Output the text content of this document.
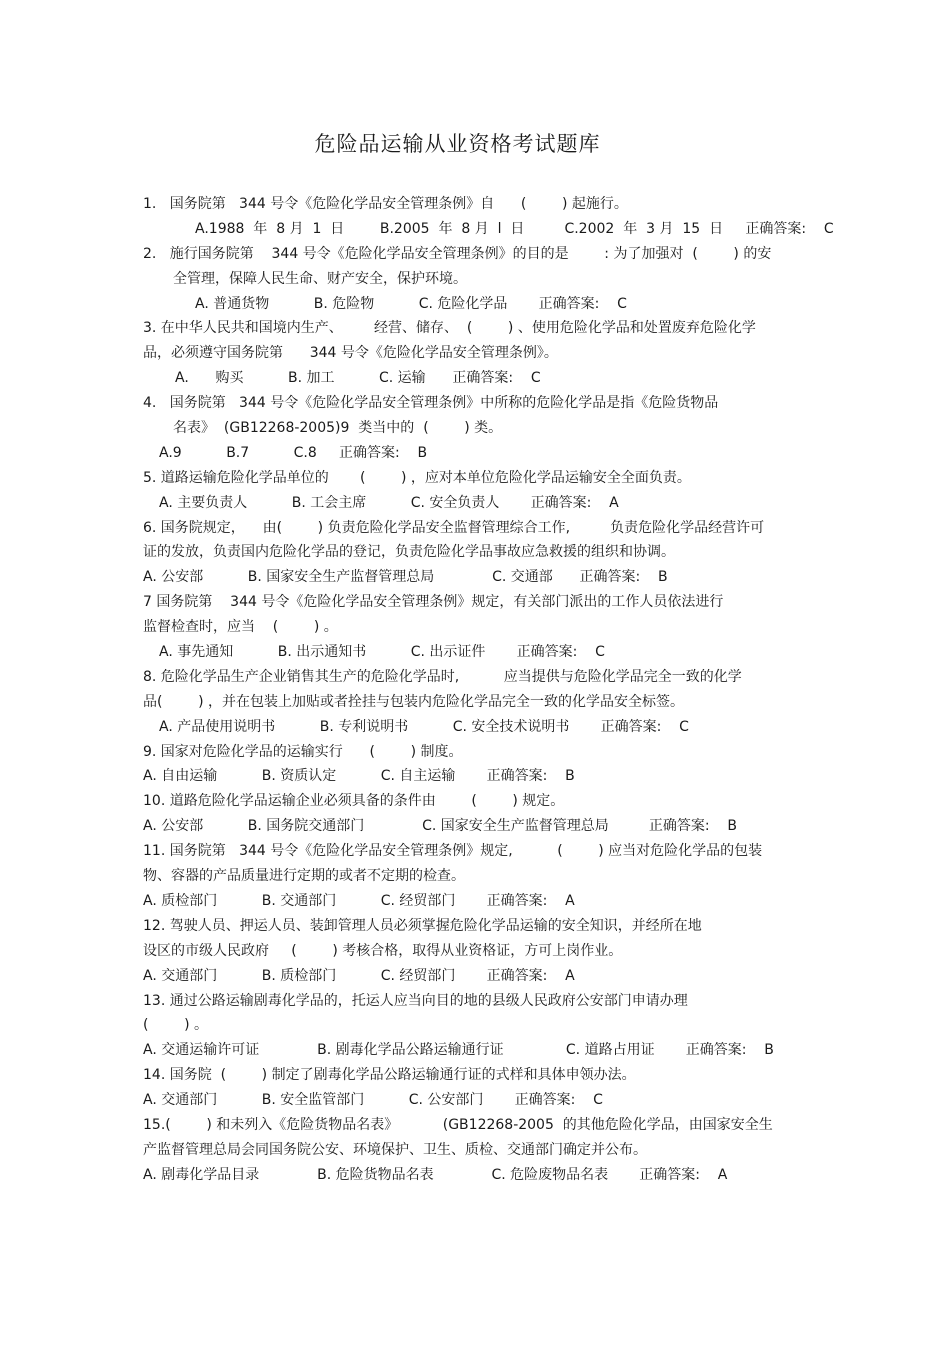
危险品运输从业资格考试题库
1.   国务院第   344 号令《危险化学品安全管理条例》自      (        ) 起施行。
A.1988  年  8 月  1  日        B.2005  年  8 月  l  日         C.2002  年  3 月  15  日     正确答案:    C
2.   施行国务院第    344 号令《危险化学品安全管理条例》的目的是        : 为了加强对  (        ) 的安
全管理，保障人民生命、财产安全，保护环境。
A. 普通货物          B. 危险物          C. 危险化学品       正确答案:    C
3. 在中华人民共和国境内生产、       经营、储存、  (        ) 、使用危险化学品和处置废弃危险化学
品，必须遵守国务院第      344 号令《危险化学品安全管理条例》。
A.      购买          B. 加工          C. 运输      正确答案:    C
4.   国务院第   344 号令《危险化学品安全管理条例》中所称的危险化学品是指《危险货物品
名表》  (GB12268-2005)9  类当中的  (        ) 类。
A.9          B.7          C.8     正确答案:    B
5. 道路运输危险化学品单位的       (        ) ，应对本单位危险化学品运输安全全面负责。
A. 主要负责人          B. 工会主席          C. 安全负责人       正确答案:    A
6. 国务院规定，    由(        ) 负责危险化学品安全监督管理综合工作,         负责危险化学品经营许可
证的发放，负责国内危险化学品的登记，负责危险化学品事故应急救援的组织和协调。
A. 公安部          B. 国家安全生产监督管理总局             C. 交通部      正确答案:    B
7 国务院第    344 号令《危险化学品安全管理条例》规定，有关部门派出的工作人员依法进行
监督检查时，应当    (        ) 。
A. 事先通知          B. 出示通知书          C. 出示证件       正确答案:    C
8. 危险化学品生产企业销售其生产的危险化学品时,          应当提供与危险化学品完全一致的化学
品(        ) ，并在包装上加贴或者拴挂与包装内危险化学品完全一致的化学品安全标签。
A. 产品使用说明书          B. 专利说明书          C. 安全技术说明书       正确答案:    C
9. 国家对危险化学品的运输实行      (        ) 制度。
A. 自由运输          B. 资质认定          C. 自主运输       正确答案:    B
10. 道路危险化学品运输企业必须具备的条件由        (        ) 规定。
A. 公安部          B. 国务院交通部门             C. 国家安全生产监督管理总局         正确答案:    B
11. 国务院第   344 号令《危险化学品安全管理条例》规定,          (        ) 应当对危险化学品的包装
物、容器的产品质量进行定期的或者不定期的检查。
A. 质检部门          B. 交通部门          C. 经贸部门       正确答案:    A
12. 驾驶人员、押运人员、装卸管理人员必须掌握危险化学品运输的安全知识，并经所在地
设区的市级人民政府     (        ) 考核合格，取得从业资格证，方可上岗作业。
A. 交通部门          B. 质检部门          C. 经贸部门       正确答案:    A
13. 通过公路运输剧毒化学品的，托运人应当向目的地的县级人民政府公安部门申请办理
(        ) 。
A. 交通运输许可证             B. 剧毒化学品公路运输通行证              C. 道路占用证       正确答案:    B
14. 国务院  (        ) 制定了剧毒化学品公路运输通行证的式样和具体申领办法。
A. 交通部门          B. 安全监管部门          C. 公安部门       正确答案:    C
15.(        ) 和未列入《危险货物品名表》          (GB12268-2005  的其他危险化学品，由国家安全生
产监督管理总局会同国务院公安、环境保护、卫生、质检、交通部门确定并公布。
A. 剧毒化学品目录             B. 危险货物品名表             C. 危险废物品名表       正确答案:    A
